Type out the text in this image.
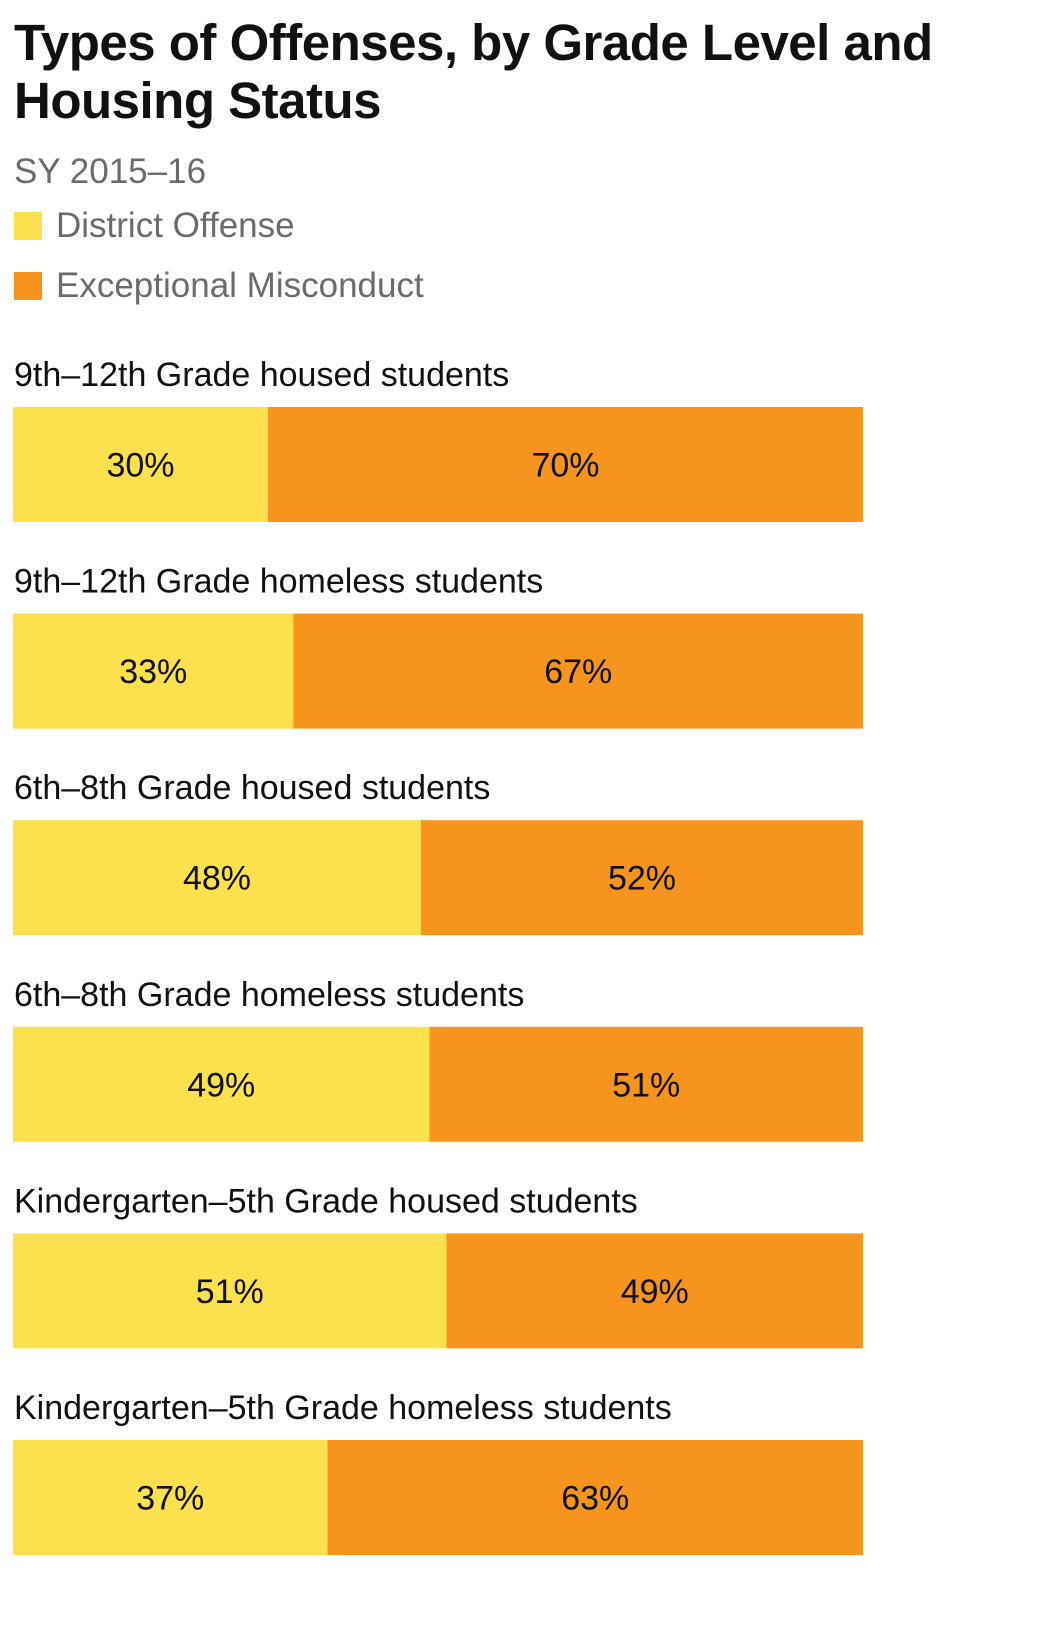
Types of Offenses, by Grade Level and Housing Status
SY 2015–16
District Offense
Exceptional Misconduct
9th–12th Grade housed students
30%	70%
9th–12th Grade homeless students
33%	67%
6th–8th Grade housed students
48%	52%
6th–8th Grade homeless students
49%	51%
Kindergarten–5th Grade housed students
51%	49%
Kindergarten–5th Grade homeless students
37%	63%
